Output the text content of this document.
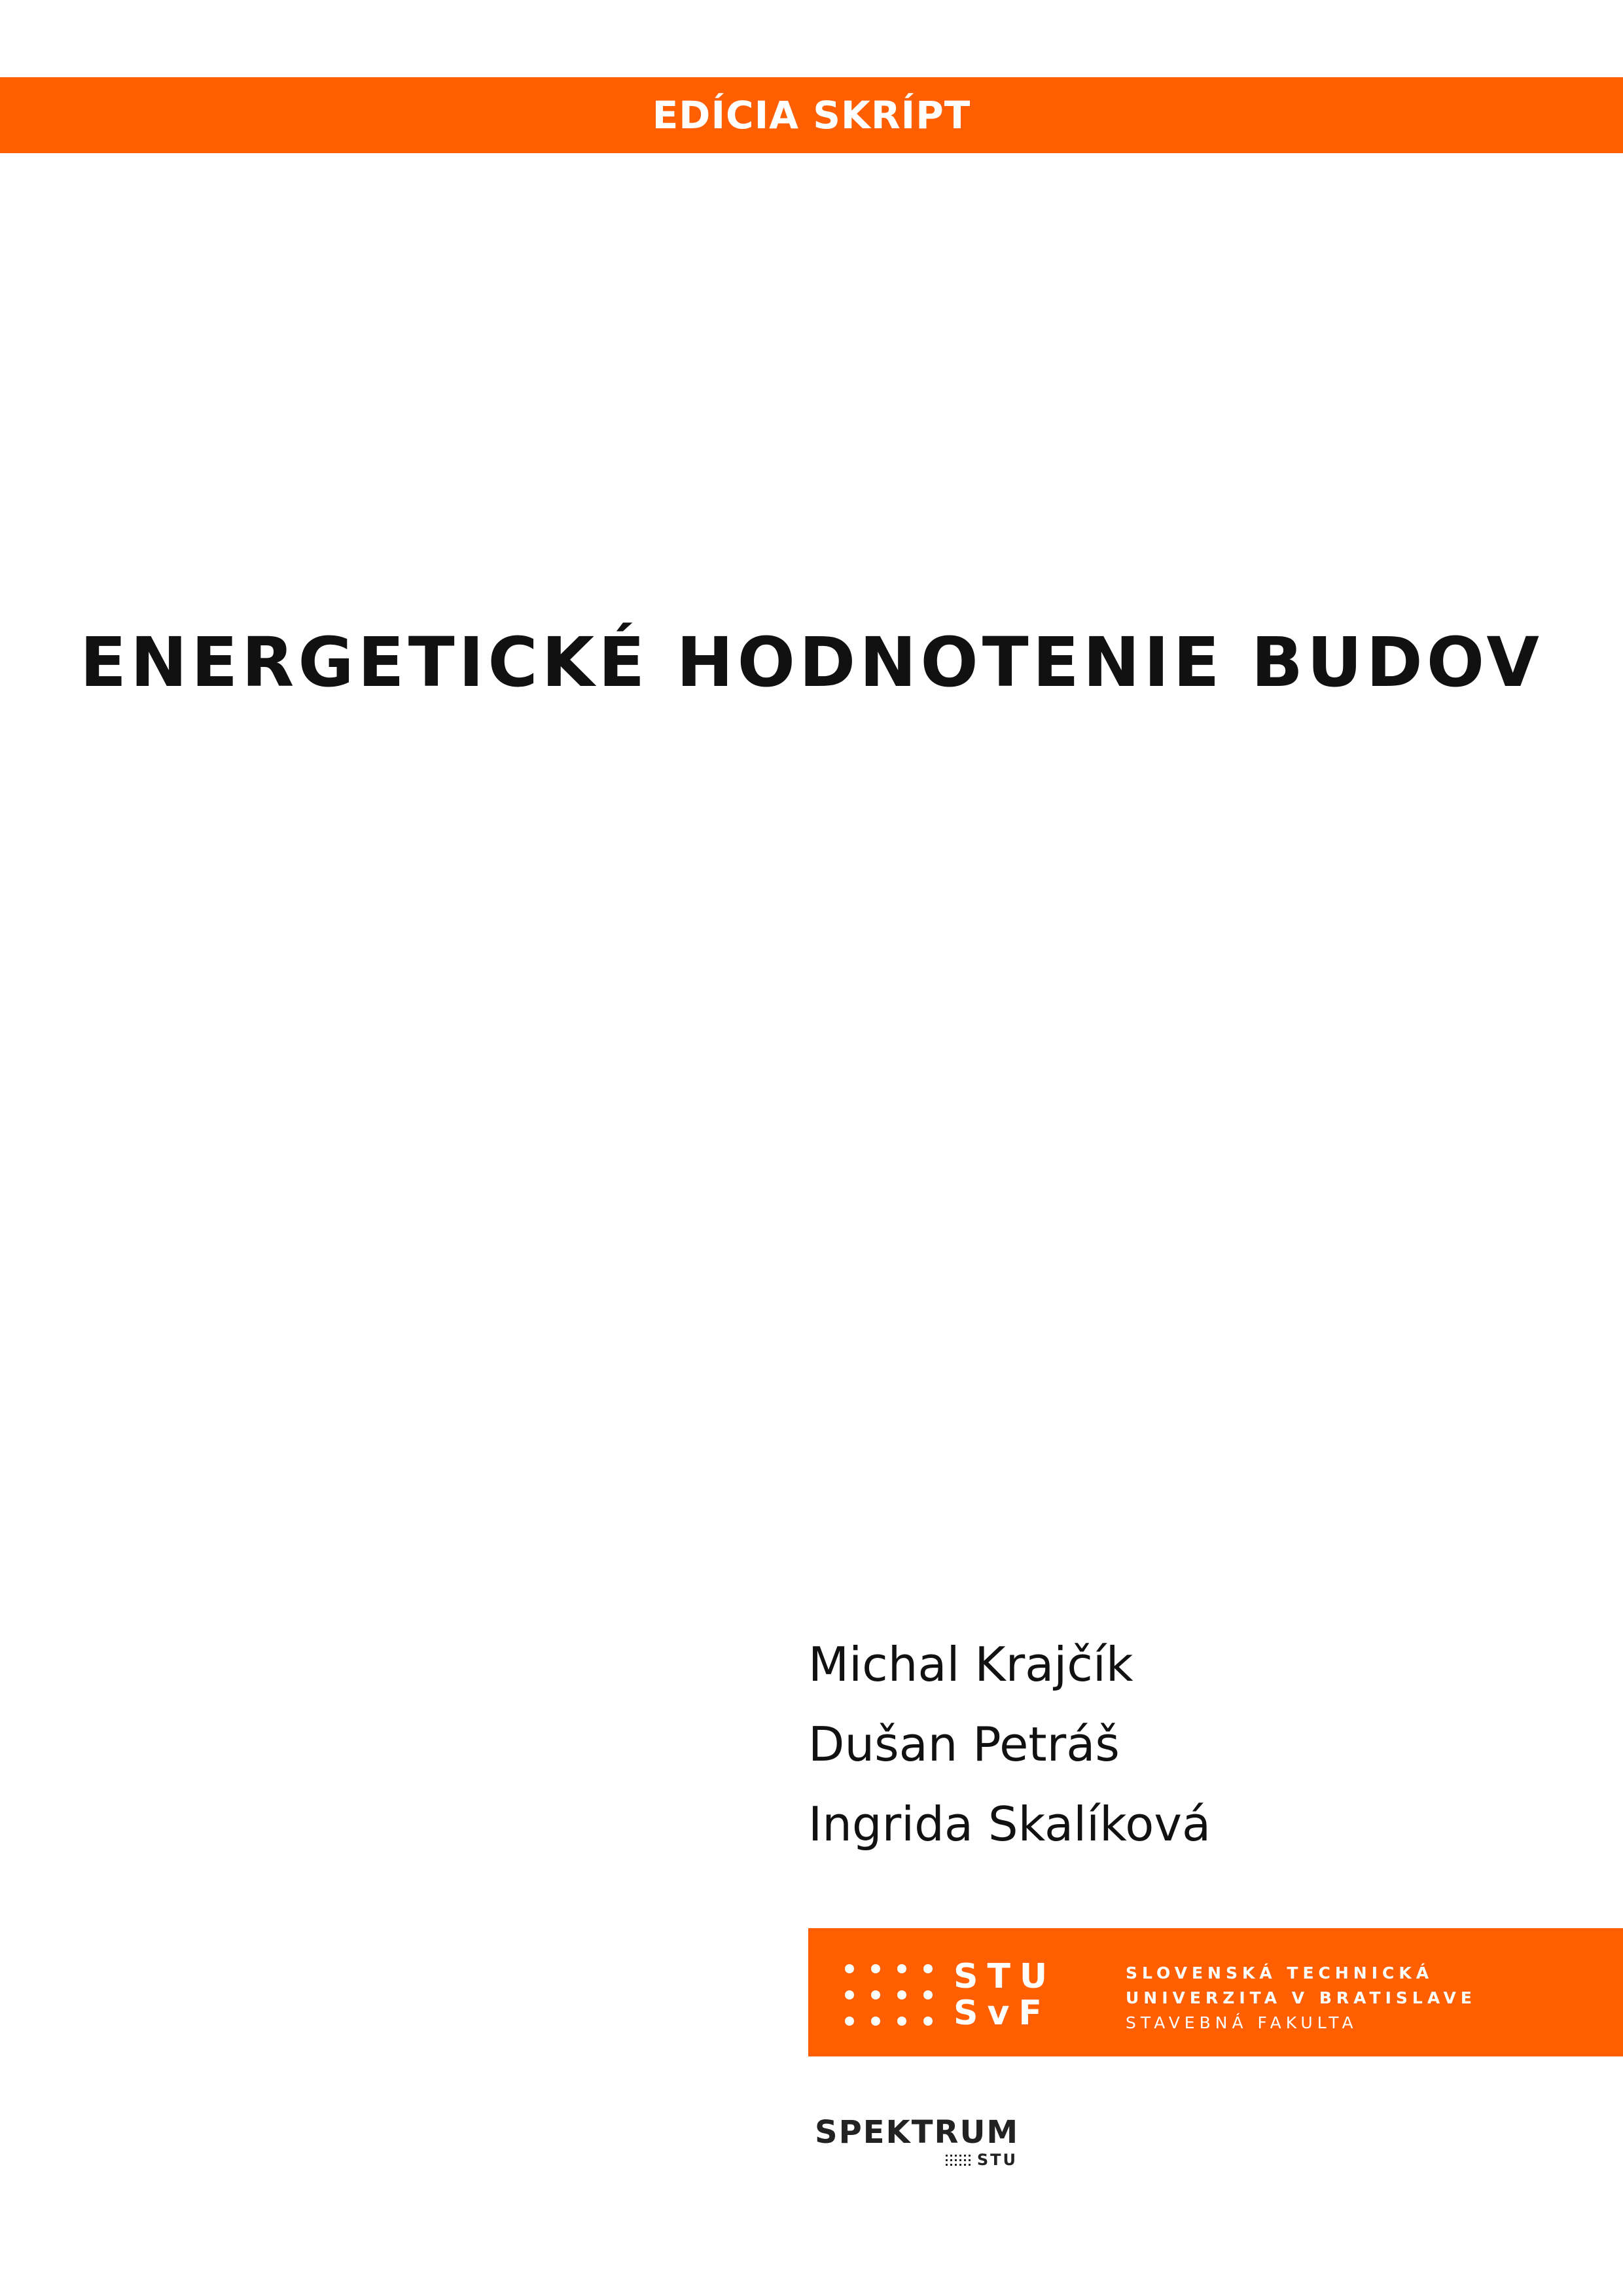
EDÍCIA SKRÍPT
ENERGETICKÉ HODNOTENIE BUDOV
Michal Krajčík
Dušan Petráš
Ingrida Skalíková
STU
SvF
SLOVENSKÁ TECHNICKÁ
UNIVERZITA V BRATISLAVE
STAVEBNÁ FAKULTA
SPEKTRUM
STU
